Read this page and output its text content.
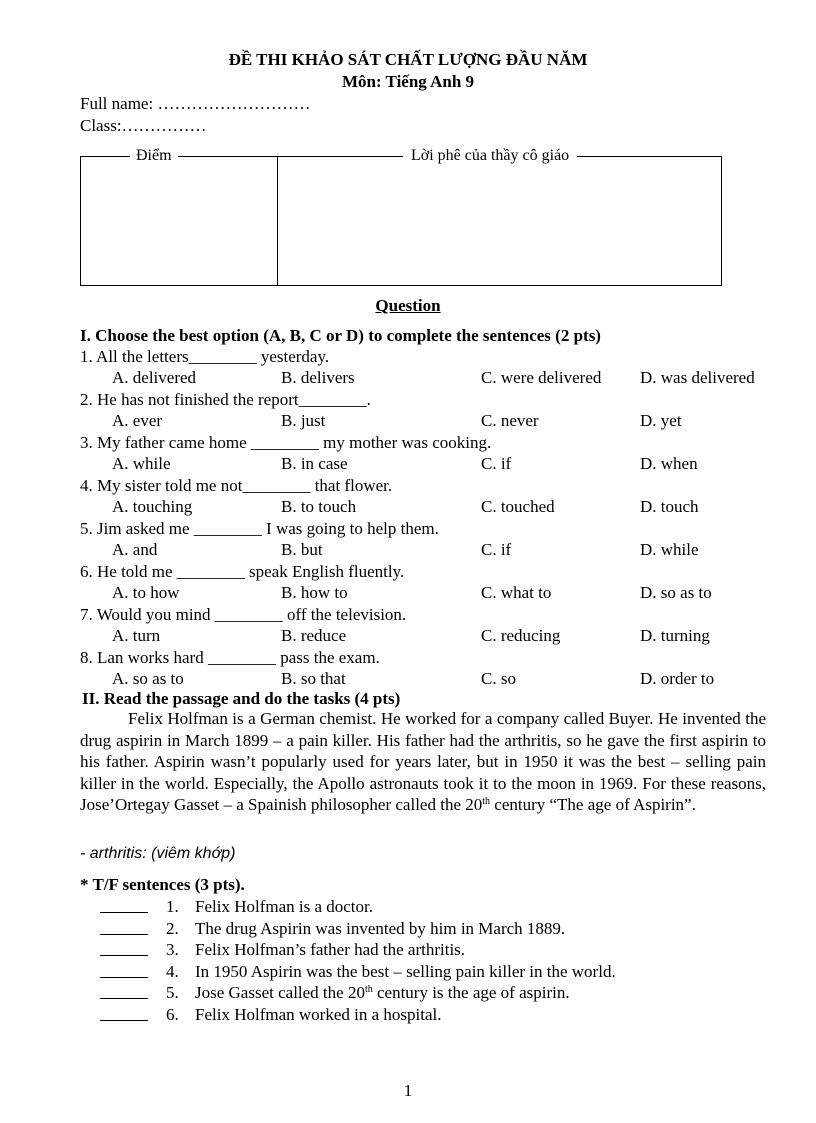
ĐỀ THI KHẢO SÁT CHẤT LƯỢNG ĐẦU NĂM
Môn: Tiếng Anh 9
Full name: ………………………
Class:……………
Điểm	Lời phê của thầy cô giáo
Question
I. Choose the best option (A, B, C or D) to complete the sentences (2 pts)
1. All the letters________ yesterday.
A. delivered	B. delivers	C. were delivered D. was delivered
2. He has not finished the report________.
A. ever	B. just	C. never	D. yet
3. My father came home ________ my mother was cooking.
A. while	B. in case	C. if	D. when
4. My sister told me not________ that flower.
A. touching	B. to touch	C. touched	D. touch
5. Jim asked me ________ I was going to help them.
A. and	B. but	C. if	D. while
6. He told me ________ speak English fluently.
A. to how	B. how to	C. what to	D. so as to
7. Would you mind ________ off the television.
A. turn	B. reduce	C. reducing	D. turning
8. Lan works hard ________ pass the exam.
A. so as to	B. so that	C. so	D. order to
II. Read the passage and do the tasks (4 pts)

Felix Holfman is a German chemist. He worked for a company called Buyer. He invented the drug aspirin in March 1899 – a pain killer. His father had the arthritis, so he gave the first aspirin to his father. Aspirin wasn’t popularly used for years later, but in 1950 it was the best – selling pain killer in the world. Especially, the Apollo astronauts took it to the moon in 1969. For these reasons, Jose’Ortegay Gasset – a Spainish philosopher called the 20th century “The age of Aspirin”.

- arthritis: (viêm khớp)
* T/F sentences (3 pts).
1. Felix Holfman is a doctor.
2. The drug Aspirin was invented by him in March 1889.
3. Felix Holfman’s father had the arthritis.
4. In 1950 Aspirin was the best – selling pain killer in the world.
5. Jose Gasset called the 20th century is the age of aspirin.
6. Felix Holfman worked in a hospital.
1
